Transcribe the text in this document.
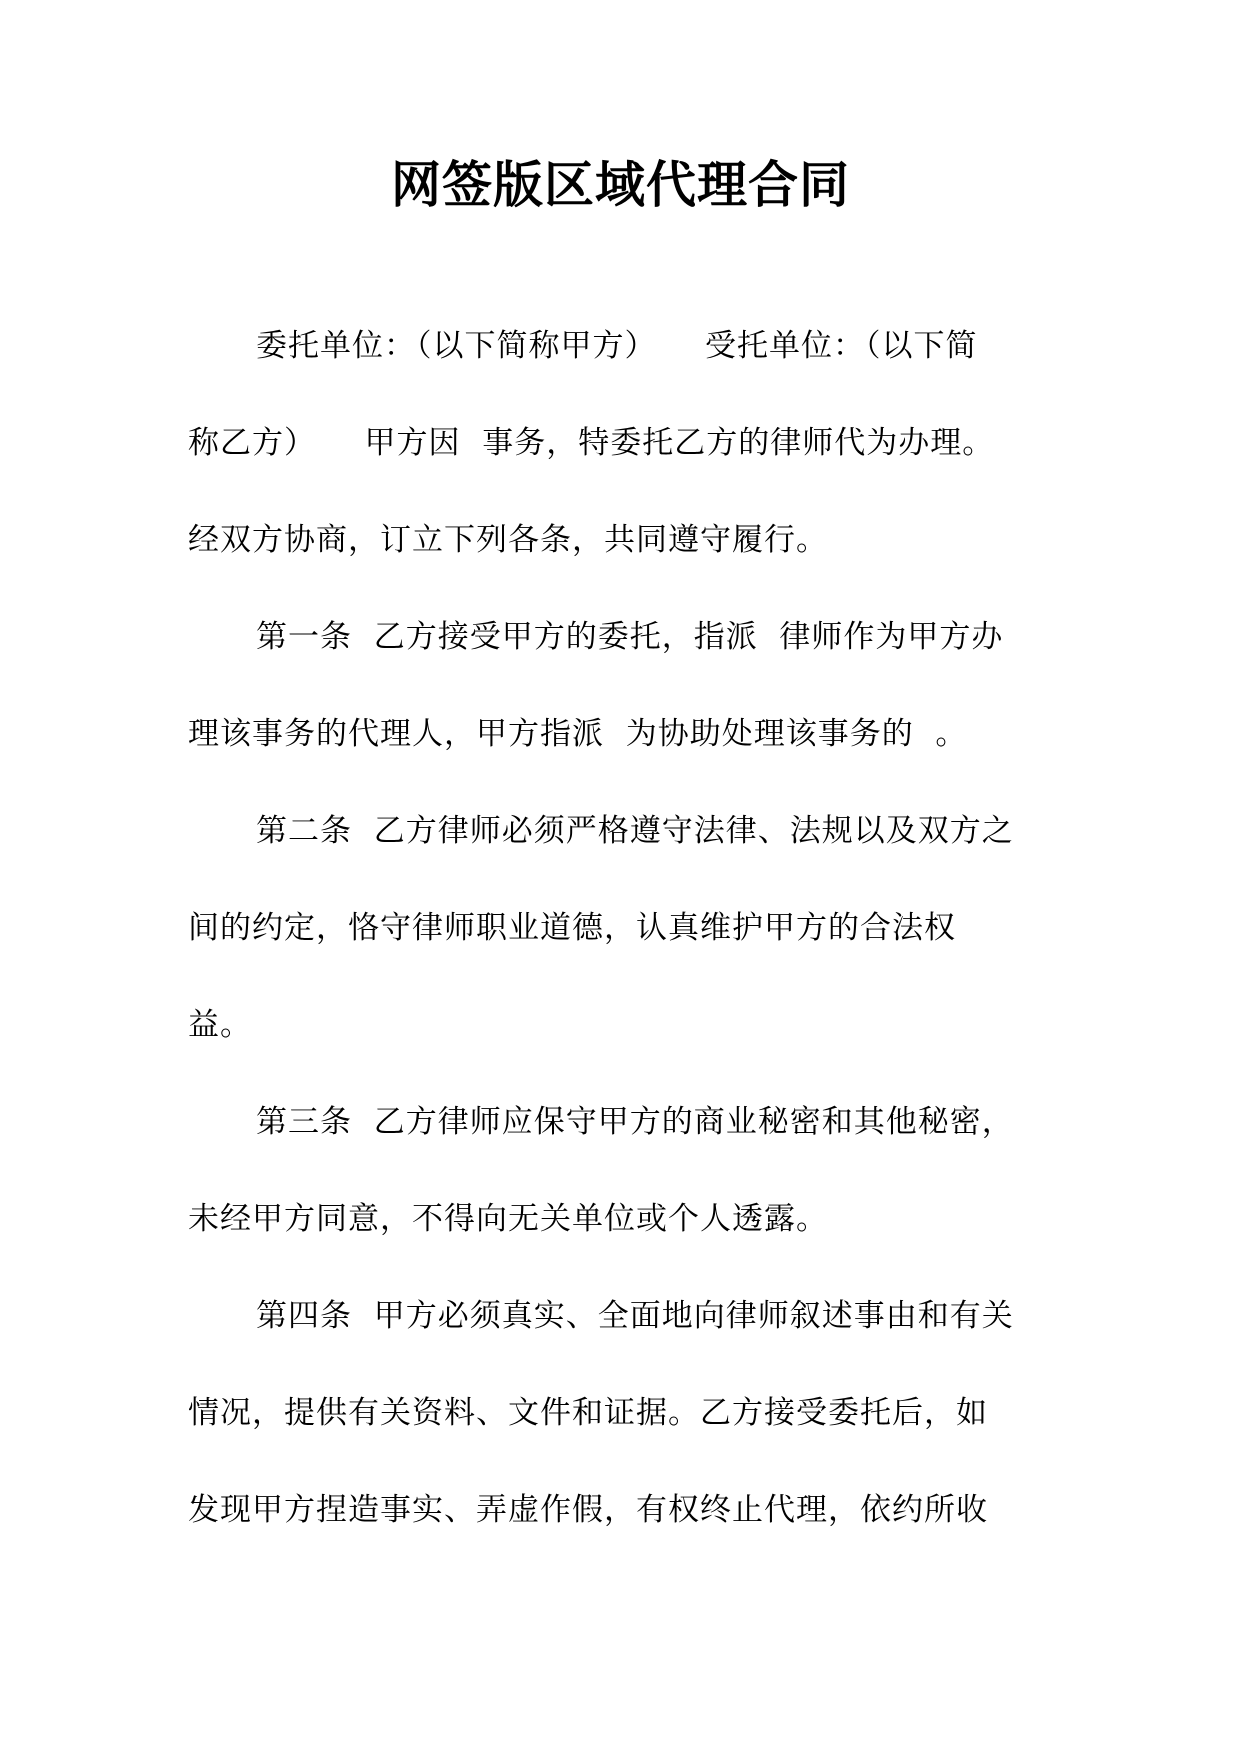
网签版区域代理合同

委托单位：（以下简称甲方）　　受托单位：（以下简

称乙方）　　甲方因  事务，特委托乙方的律师代为办理。

经双方协商，订立下列各条，共同遵守履行。

第一条  乙方接受甲方的委托，指派  律师作为甲方办

理该事务的代理人，甲方指派  为协助处理该事务的  。

第二条  乙方律师必须严格遵守法律、法规以及双方之

间的约定，恪守律师职业道德，认真维护甲方的合法权

益。

第三条  乙方律师应保守甲方的商业秘密和其他秘密，

未经甲方同意，不得向无关单位或个人透露。

第四条  甲方必须真实、全面地向律师叙述事由和有关

情况，提供有关资料、文件和证据。乙方接受委托后，如

发现甲方捏造事实、弄虚作假，有权终止代理，依约所收
